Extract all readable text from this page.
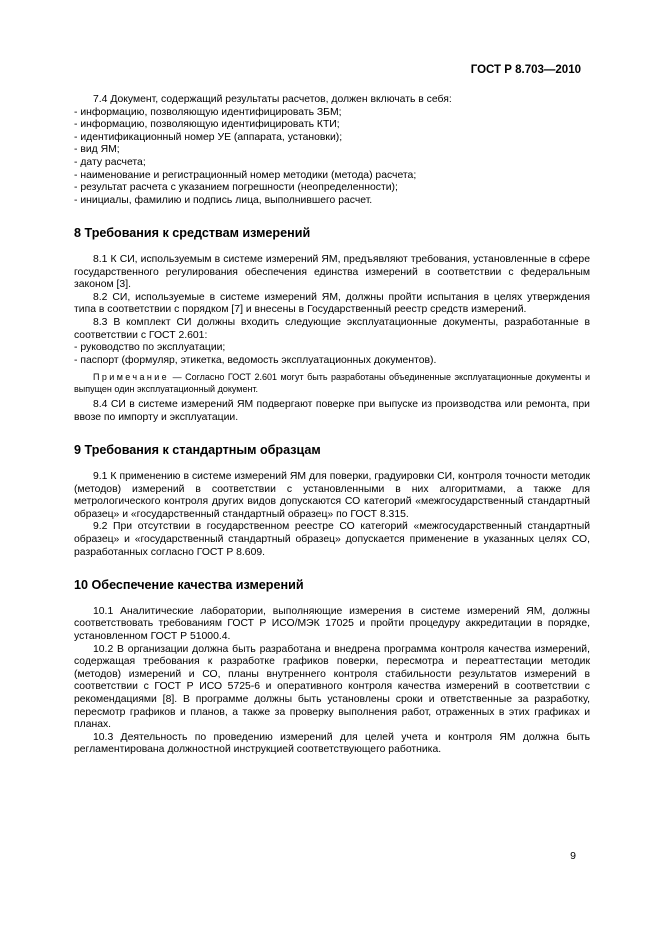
ГОСТ Р 8.703—2010

7.4 Документ, содержащий результаты расчетов, должен включать в себя:

- информацию, позволяющую идентифицировать ЗБМ;

- информацию, позволяющую идентифицировать КТИ;

- идентификационный номер УЕ (аппарата, установки);

- вид ЯМ;

- дату расчета;

- наименование и регистрационный номер методики (метода) расчета;

- результат расчета с указанием погрешности (неопределенности);

- инициалы, фамилию и подпись лица, выполнившего расчет.

8 Требования к средствам измерений

8.1 К СИ, используемым в системе измерений ЯМ, предъявляют требования, установленные в сфере государственного регулирования обеспечения единства измерений в соответствии с федеральным законом [3].

8.2 СИ, используемые в системе измерений ЯМ, должны пройти испытания в целях утверждения типа в соответствии с порядком [7] и внесены в Государственный реестр средств измерений.

8.3 В комплект СИ должны входить следующие эксплуатационные документы, разработанные в соответствии с ГОСТ 2.601:

- руководство по эксплуатации;

- паспорт (формуляр, этикетка, ведомость эксплуатационных документов).

Примечание — Согласно ГОСТ 2.601 могут быть разработаны объединенные эксплуатационные документы и выпущен один эксплуатационный документ.

8.4 СИ в системе измерений ЯМ подвергают поверке при выпуске из производства или ремонта, при ввозе по импорту и эксплуатации.

9 Требования к стандартным образцам

9.1 К применению в системе измерений ЯМ для поверки, градуировки СИ, контроля точности методик (методов) измерений в соответствии с установленными в них алгоритмами, а также для метрологического контроля других видов допускаются СО категорий «межгосударственный стандартный образец» и «государственный стандартный образец» по ГОСТ 8.315.

9.2 При отсутствии в государственном реестре СО категорий «межгосударственный стандартный образец» и «государственный стандартный образец» допускается применение в указанных целях СО, разработанных согласно ГОСТ Р 8.609.

10 Обеспечение качества измерений

10.1 Аналитические лаборатории, выполняющие измерения в системе измерений ЯМ, должны соответствовать требованиям ГОСТ Р ИСО/МЭК 17025 и пройти процедуру аккредитации в порядке, установленном ГОСТ Р 51000.4.

10.2 В организации должна быть разработана и внедрена программа контроля качества измерений, содержащая требования к разработке графиков поверки, пересмотра и переаттестации методик (методов) измерений и СО, планы внутреннего контроля стабильности результатов измерений в соответствии с ГОСТ Р ИСО 5725-6 и оперативного контроля качества измерений в соответствии с рекомендациями [8]. В программе должны быть установлены сроки и ответственные за разработку, пересмотр графиков и планов, а также за проверку выполнения работ, отраженных в этих графиках и планах.

10.3 Деятельность по проведению измерений для целей учета и контроля ЯМ должна быть регламентирована должностной инструкцией соответствующего работника.

9
